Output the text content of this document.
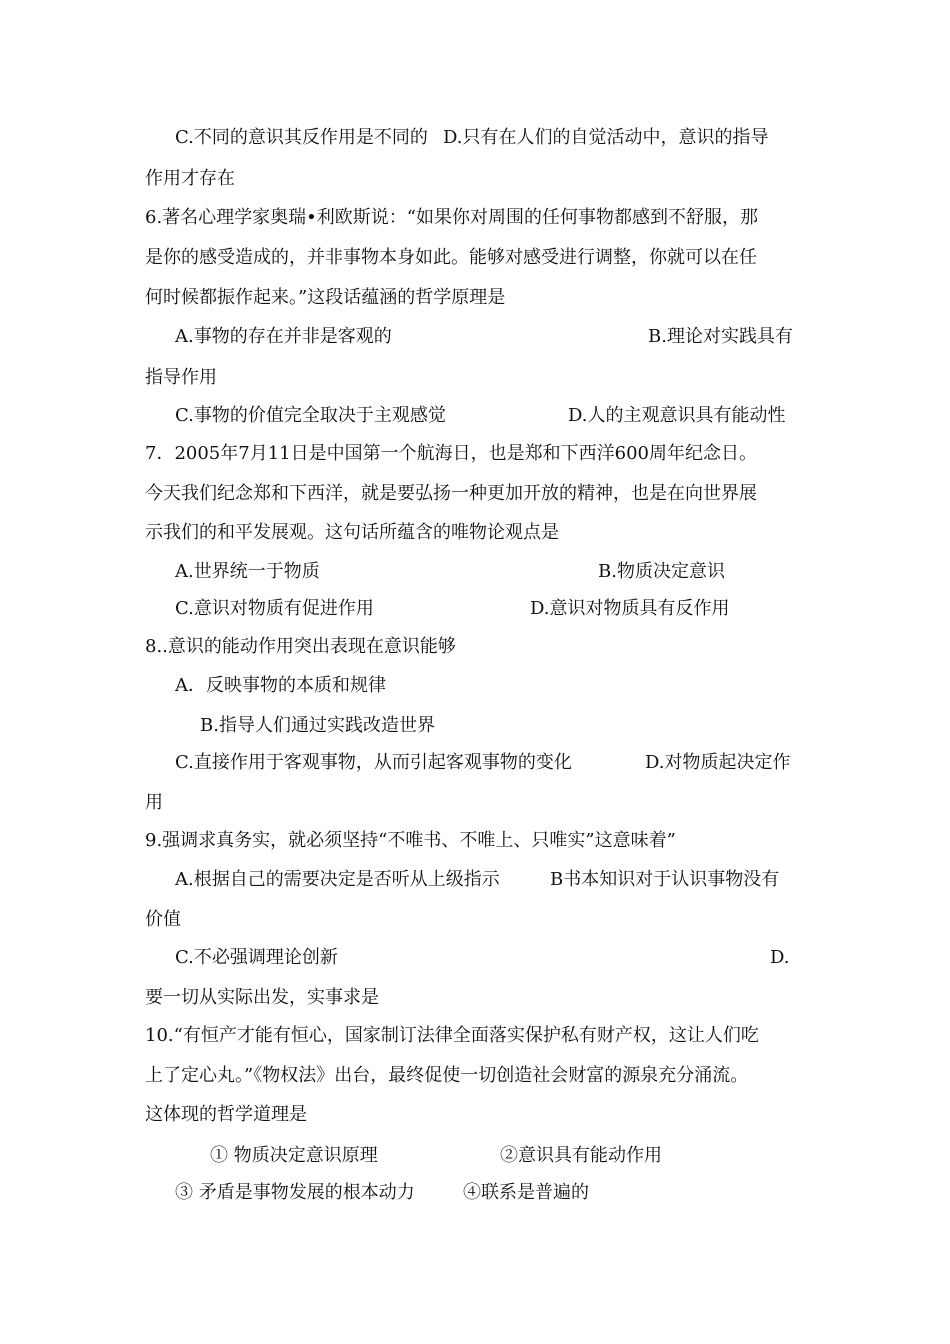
C.不同的意识其反作用是不同的 D.只有在人们的自觉活动中，意识的指导
作用才存在
6.著名心理学家奥瑞•利欧斯说：“如果你对周围的任何事物都感到不舒服，那
是你的感受造成的，并非事物本身如此。能够对感受进行调整，你就可以在任
何时候都振作起来。”这段话蕴涵的哲学原理是
A.事物的存在并非是客观的	B.理论对实践具有
指导作用
C.事物的价值完全取决于主观感觉	D.人的主观意识具有能动性
7．2005年7月11日是中国第一个航海日，也是郑和下西洋600周年纪念日。
今天我们纪念郑和下西洋，就是要弘扬一种更加开放的精神，也是在向世界展
示我们的和平发展观。这句话所蕴含的唯物论观点是
A.世界统一于物质	B.物质决定意识
C.意识对物质有促进作用	D.意识对物质具有反作用
8..意识的能动作用突出表现在意识能够
A．反映事物的本质和规律
B.指导人们通过实践改造世界
C.直接作用于客观事物，从而引起客观事物的变化	D.对物质起决定作
用
9.强调求真务实，就必须坚持“不唯书、不唯上、只唯实”这意味着”
A.根据自己的需要决定是否听从上级指示	B书本知识对于认识事物没有
价值
C.不必强调理论创新	D.
要一切从实际出发，实事求是
10.“有恒产才能有恒心，国家制订法律全面落实保护私有财产权，这让人们吃
上了定心丸。”《物权法》出台，最终促使一切创造社会财富的源泉充分涌流。
这体现的哲学道理是
① 物质决定意识原理	②意识具有能动作用
③ 矛盾是事物发展的根本动力	④联系是普遍的
